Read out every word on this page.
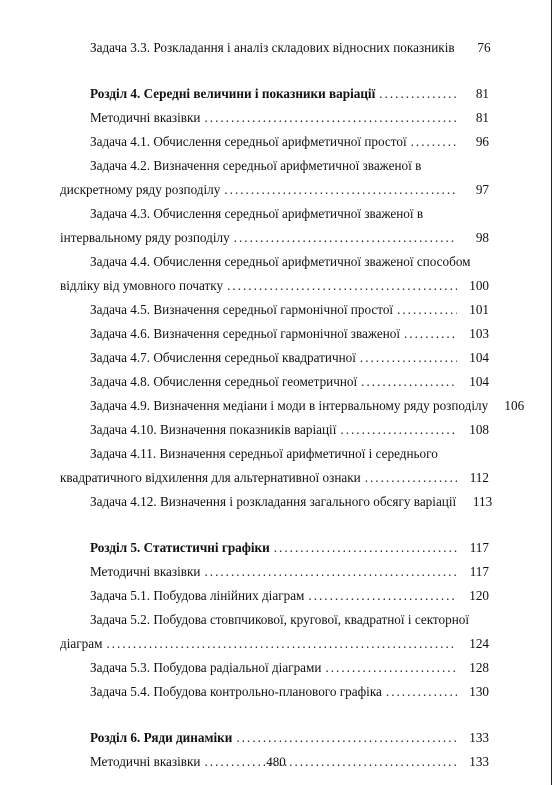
Задача 3.3. Розкладання і аналіз складових відносних показників	76
Розділ 4. Середні величини і показники варіації .....	81
Методичні вказівки .....	81
Задача 4.1. Обчислення середньої арифметичної простої .....	96
Задача 4.2. Визначення середньої арифметичної зваженої в
дискретному ряду розподілу .....	97
Задача 4.3. Обчислення середньої арифметичної зваженої в
інтервальному ряду розподілу .....	98
Задача 4.4. Обчислення середньої арифметичної зваженої способом
відліку від умовного початку .....	100
Задача 4.5. Визначення середньої гармонічної простої .....	101
Задача 4.6. Визначення середньої гармонічної зваженої .....	103
Задача 4.7. Обчислення середньої квадратичної .....	104
Задача 4.8. Обчислення середньої геометричної .....	104
Задача 4.9. Визначення медіани і моди в інтервальному ряду розподілу	106
Задача 4.10. Визначення показників варіації .....	108
Задача 4.11. Визначення середньої арифметичної і середнього
квадратичного відхилення для альтернативної ознаки .....	112
Задача 4.12. Визначення і розкладання загального обсягу варіації	113
Розділ 5. Статистичні графіки .....	117
Методичні вказівки .....	117
Задача 5.1. Побудова лінійних діаграм .....	120
Задача 5.2. Побудова стовпчикової, кругової, квадратної і секторної
діаграм .....	124
Задача 5.3. Побудова радіальної діаграми .....	128
Задача 5.4. Побудова контрольно-планового графіка .....	130
Розділ 6. Ряди динаміки .....	133
Методичні вказівки .....	133
480
